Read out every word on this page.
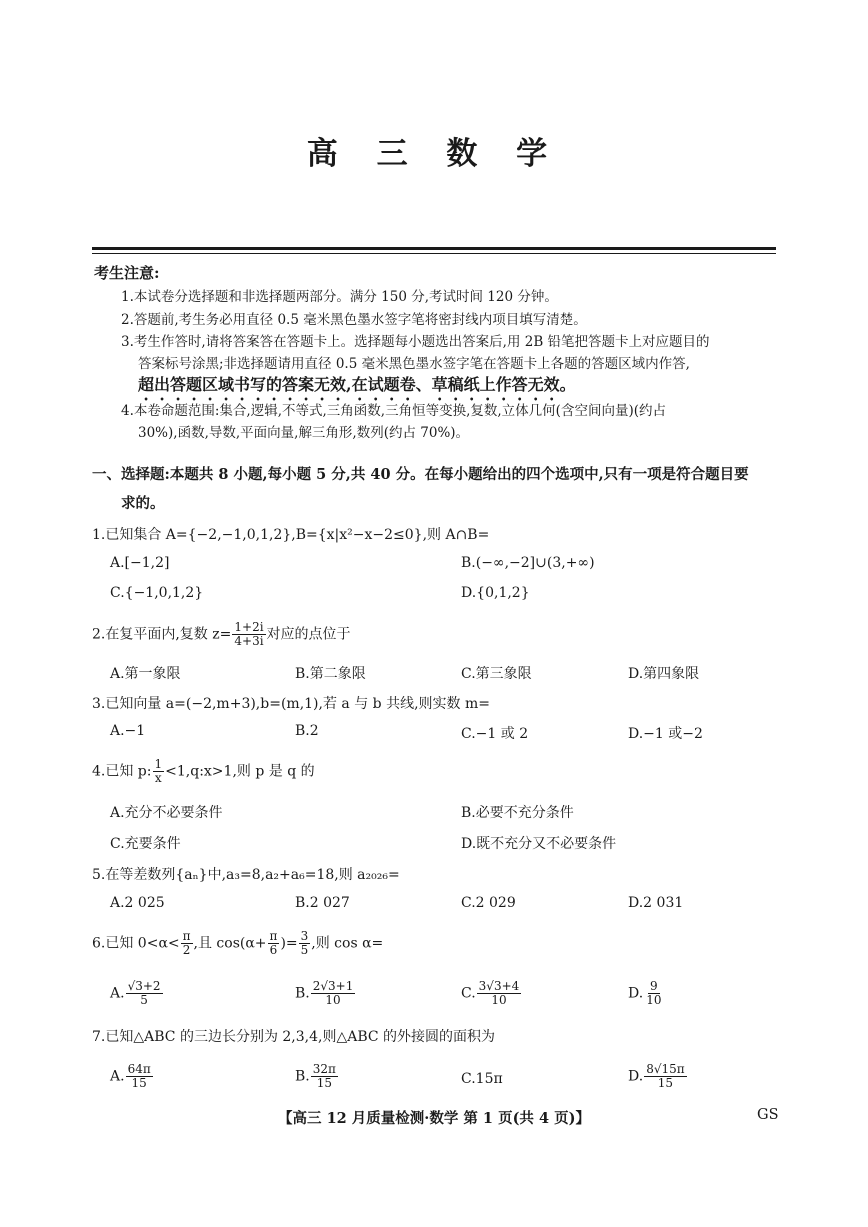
高 三 数 学
考生注意:
1.本试卷分选择题和非选择题两部分。满分 150 分,考试时间 120 分钟。
2.答题前,考生务必用直径 0.5 毫米黑色墨水签字笔将密封线内项目填写清楚。
3.考生作答时,请将答案答在答题卡上。选择题每小题选出答案后,用 2B 铅笔把答题卡上对应题目的
答案标号涂黑;非选择题请用直径 0.5 毫米黑色墨水签字笔在答题卡上各题的答题区域内作答,
超出答题区域书写的答案无效,在试题卷、草稿纸上作答无效。
4.本卷命题范围:集合,逻辑,不等式,三角函数,三角恒等变换,复数,立体几何(含空间向量)(约占
30%),函数,导数,平面向量,解三角形,数列(约占 70%)。
一、选择题:本题共 8 小题,每小题 5 分,共 40 分。在每小题给出的四个选项中,只有一项是符合题目要
求的。
1.已知集合 A={−2,−1,0,1,2},B={x|x²−x−2≤0},则 A∩B=
A.[−1,2]	B.(−∞,−2]∪(3,+∞)
C.{−1,0,1,2}	D.{0,1,2}
2.在复平面内,复数 $z= \frac{1+2i}{4+3i}$ 对应的点位于
A.第一象限	B.第二象限	C.第三象限	D.第四象限
3.已知向量 a=(−2,m+3),b=(m,1),若 a 与 b 共线,则实数 m=
A.−1	B.2	C.−1 或 2	D.−1 或−2
4.已知 p: $\frac{1}{x}$ <1,q:x>1,则 p 是 q 的
A.充分不必要条件	B.必要不充分条件
C.充要条件	D.既不充分又不必要条件
5.在等差数列{aₙ}中,a₃=8,a₂+a₆=18,则 a₂₀₂₆=
A.2 025	B.2 027	C.2 029	D.2 031
6.已知 $0<\alpha< \frac{\pi}{2}$ ,且 $\cos(\alpha+ \frac{\pi}{6}$ )= $\frac{3}{5}$ ,则 cos α=
A. $\frac{√3+2}{5}$	B. $\frac{2√3+1}{10}$	C. $\frac{3√3+4}{10}$	D. $\frac{9}{10}$
7.已知△ABC 的三边长分别为 2,3,4,则△ABC 的外接圆的面积为
A. $\frac{64\pi}{15}$	B. $\frac{32\pi}{15}$	C.15π	D. $\frac{8√15\pi}{15}$
【高三 12 月质量检测·数学 第 1 页(共 4 页)】	GS
